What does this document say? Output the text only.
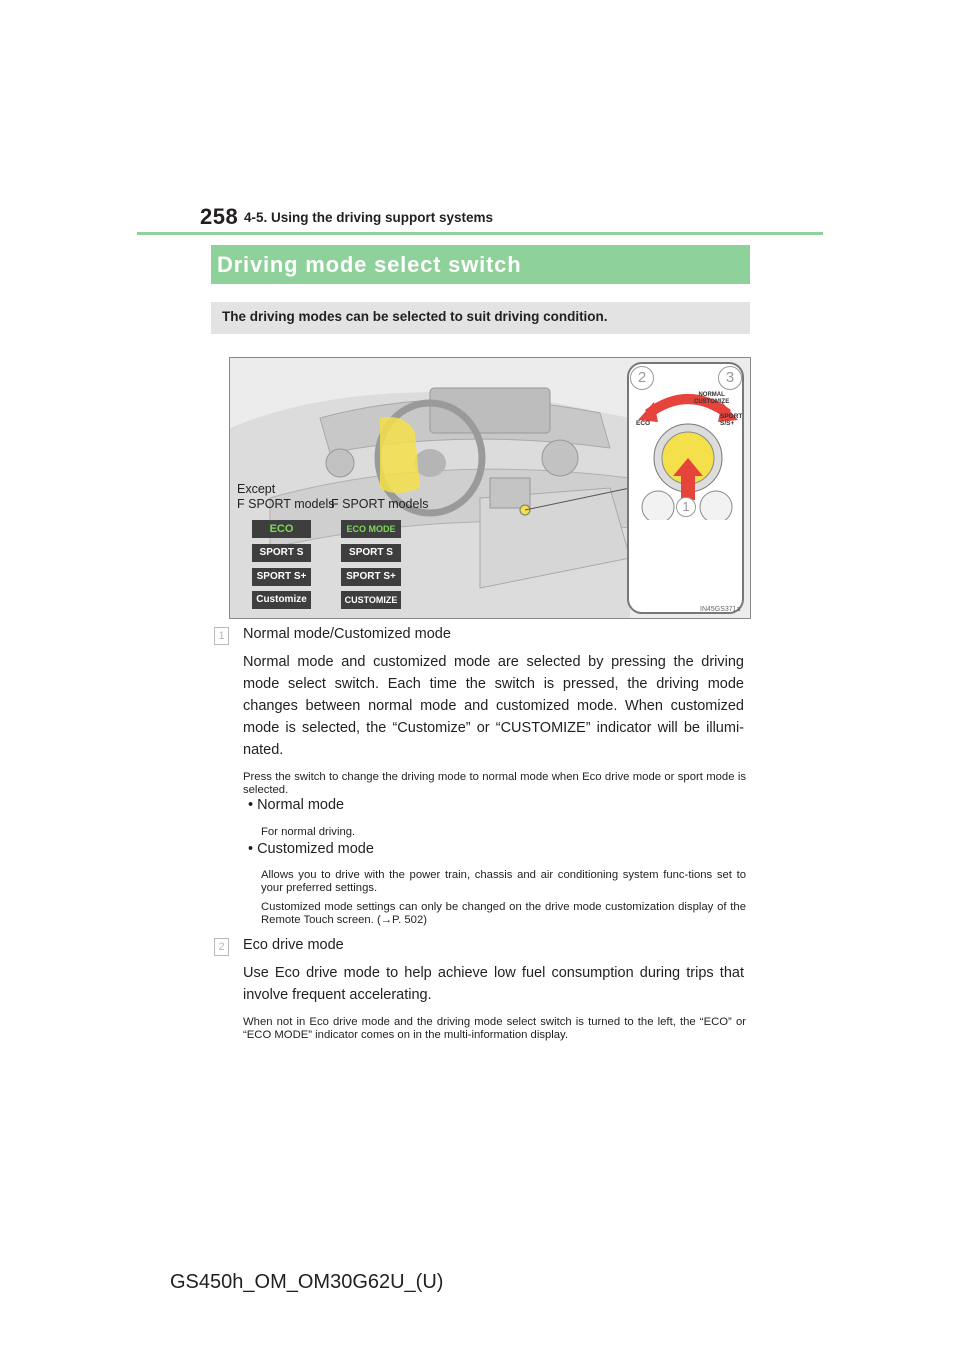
258 4-5. Using the driving support systems
Driving mode select switch
The driving modes can be selected to suit driving condition.
2	3
NORMAL
CUSTOMIZE
ECO
SPORT
S/S+
1
Except
F SPORT models
F SPORT models
ECO
SPORT S
SPORT S+
Customize
ECO MODE
SPORT S
SPORT S+
CUSTOMIZE
IN45GS371a
1	Normal mode/Customized mode
Normal mode and customized mode are selected by pressing the driving mode select switch. Each time the switch is pressed, the driving mode changes between normal mode and customized mode. When customized mode is selected, the “Customize” or “CUSTOMIZE” indicator will be illumi-nated.
Press the switch to change the driving mode to normal mode when Eco drive mode or sport mode is selected.
• Normal mode
For normal driving.
• Customized mode
Allows you to drive with the power train, chassis and air conditioning system func-tions set to your preferred settings.
Customized mode settings can only be changed on the drive mode customization display of the Remote Touch screen. (→P. 502)
2	Eco drive mode
Use Eco drive mode to help achieve low fuel consumption during trips that involve frequent accelerating.
When not in Eco drive mode and the driving mode select switch is turned to the left, the “ECO” or “ECO MODE” indicator comes on in the multi-information display.
GS450h_OM_OM30G62U_(U)
